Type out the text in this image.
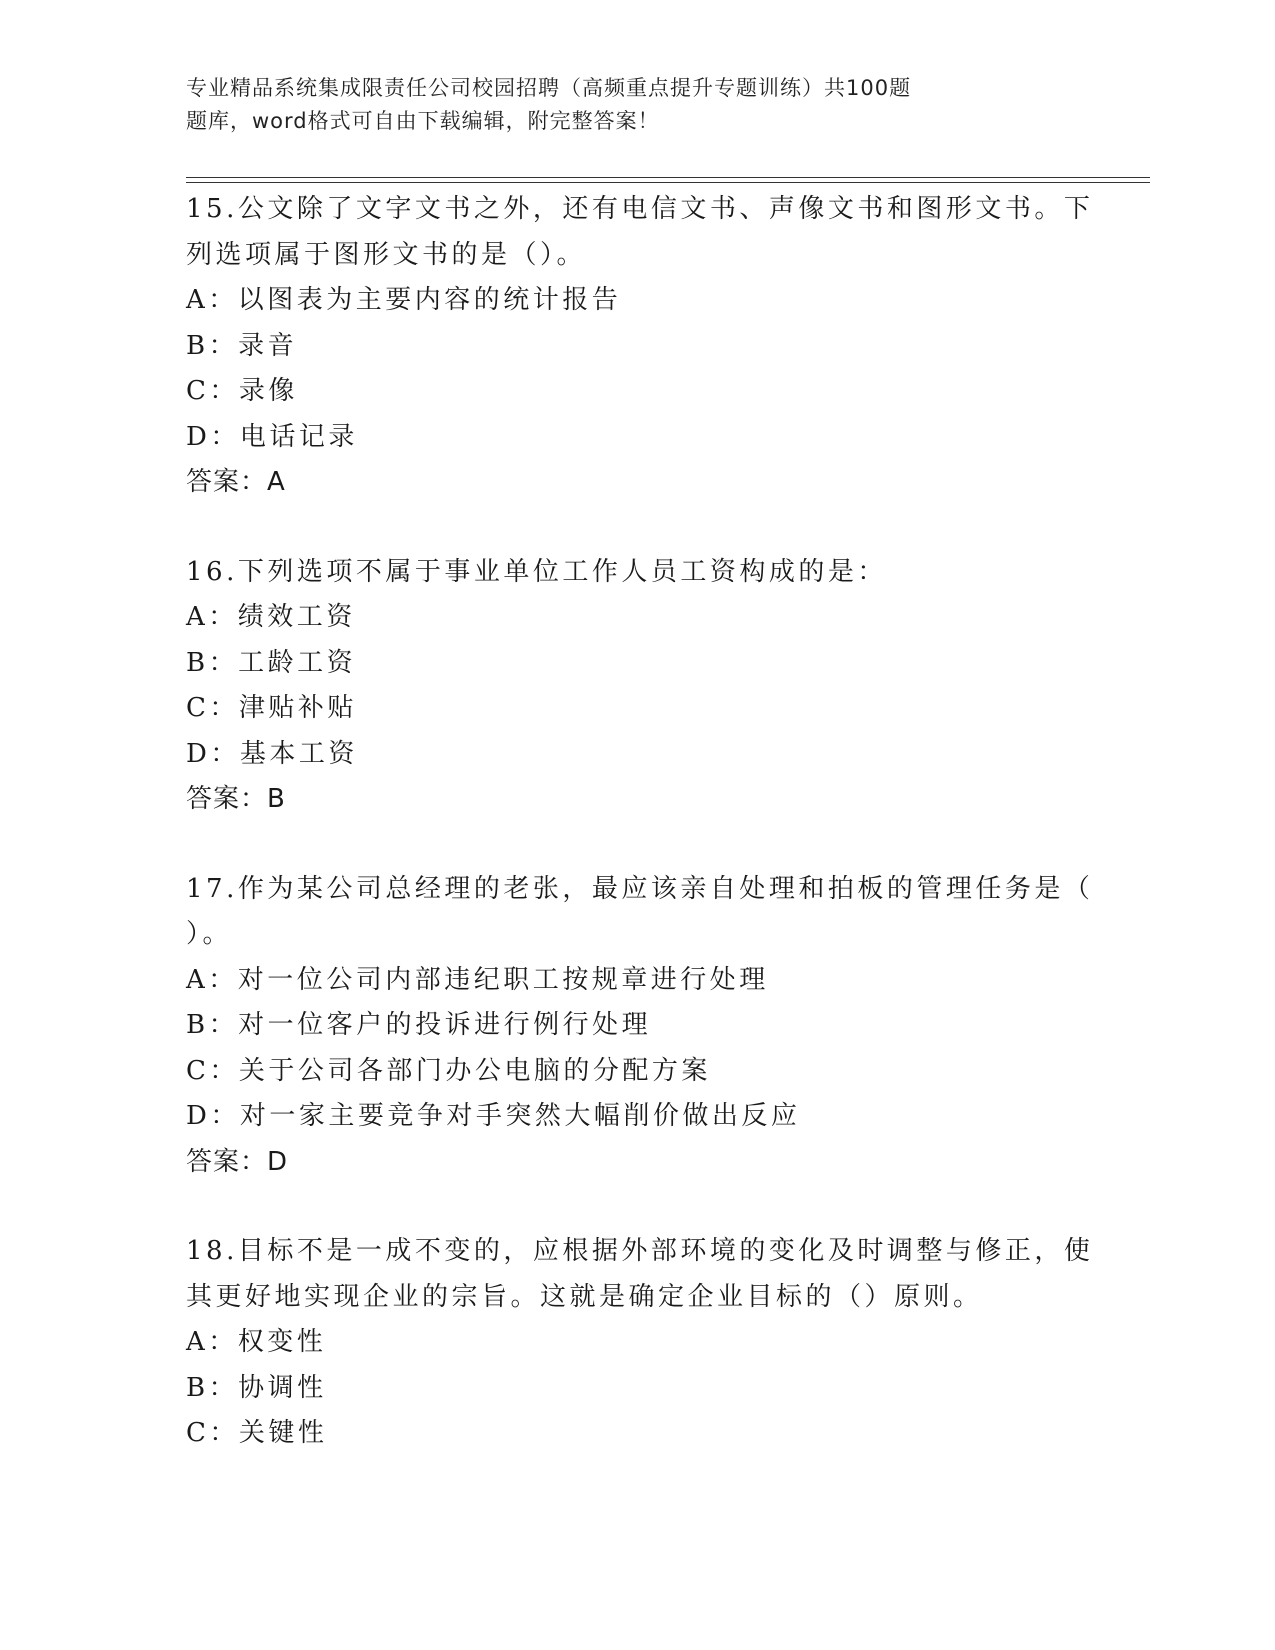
专业精品系统集成限责任公司校园招聘（高频重点提升专题训练）共100题
题库，word格式可自由下载编辑，附完整答案！
15.公文除了文字文书之外，还有电信文书、声像文书和图形文书。下
列选项属于图形文书的是（）。
A：以图表为主要内容的统计报告
B：录音
C：录像
D：电话记录
答案：A
16.下列选项不属于事业单位工作人员工资构成的是：
A：绩效工资
B：工龄工资
C：津贴补贴
D：基本工资
答案：B
17.作为某公司总经理的老张，最应该亲自处理和拍板的管理任务是（
）。
A：对一位公司内部违纪职工按规章进行处理
B：对一位客户的投诉进行例行处理
C：关于公司各部门办公电脑的分配方案
D：对一家主要竞争对手突然大幅削价做出反应
答案：D
18.目标不是一成不变的，应根据外部环境的变化及时调整与修正，使
其更好地实现企业的宗旨。这就是确定企业目标的（）原则。
A：权变性
B：协调性
C：关键性
